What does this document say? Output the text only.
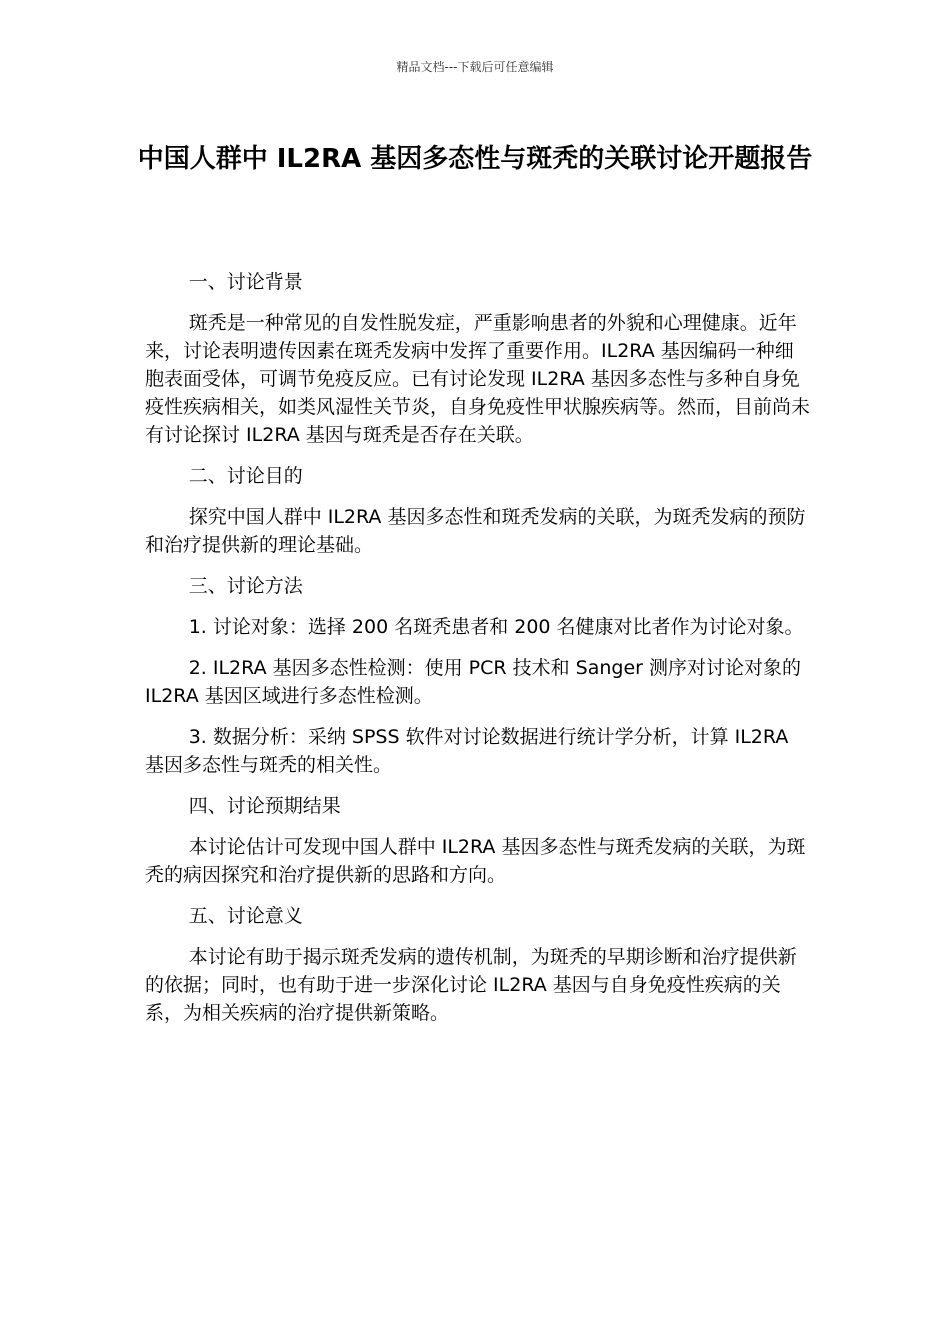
精品文档---下载后可任意编辑
中国人群中 IL2RA 基因多态性与斑秃的关联讨论开题报告

一、讨论背景

斑秃是一种常见的自发性脱发症，严重影响患者的外貌和心理健康。近年来，讨论表明遗传因素在斑秃发病中发挥了重要作用。IL2RA 基因编码一种细胞表面受体，可调节免疫反应。已有讨论发现 IL2RA 基因多态性与多种自身免疫性疾病相关，如类风湿性关节炎，自身免疫性甲状腺疾病等。然而，目前尚未有讨论探讨 IL2RA 基因与斑秃是否存在关联。

二、讨论目的

探究中国人群中 IL2RA 基因多态性和斑秃发病的关联，为斑秃发病的预防和治疗提供新的理论基础。

三、讨论方法

1. 讨论对象：选择 200 名斑秃患者和 200 名健康对比者作为讨论对象。

2. IL2RA 基因多态性检测：使用 PCR 技术和 Sanger 测序对讨论对象的 IL2RA 基因区域进行多态性检测。

3. 数据分析：采纳 SPSS 软件对讨论数据进行统计学分析，计算 IL2RA 基因多态性与斑秃的相关性。

四、讨论预期结果

本讨论估计可发现中国人群中 IL2RA 基因多态性与斑秃发病的关联，为斑秃的病因探究和治疗提供新的思路和方向。

五、讨论意义

本讨论有助于揭示斑秃发病的遗传机制，为斑秃的早期诊断和治疗提供新的依据；同时，也有助于进一步深化讨论 IL2RA 基因与自身免疫性疾病的关系，为相关疾病的治疗提供新策略。
